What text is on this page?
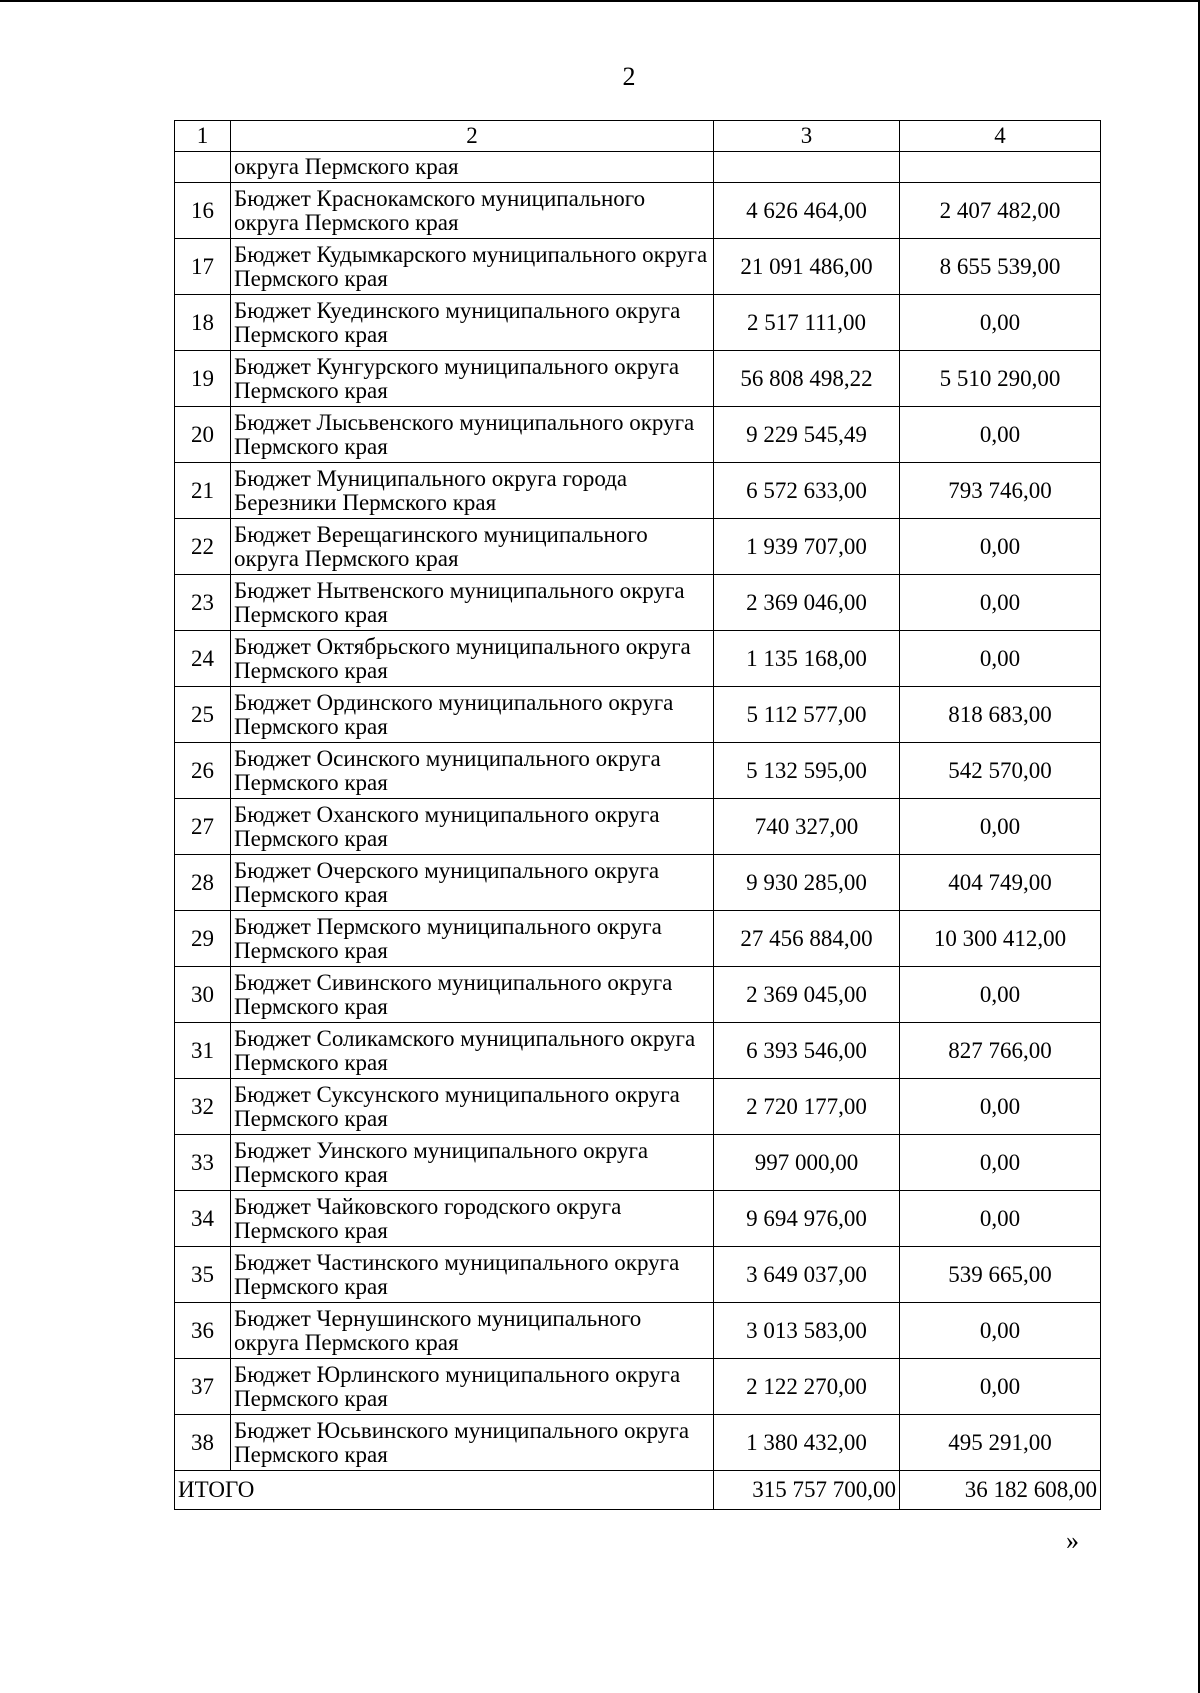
2
1	2	3	4
	округа Пермского края		
16	Бюджет Краснокамского муниципального округа Пермского края	4 626 464,00	2 407 482,00
17	Бюджет Кудымкарского муниципального округа Пермского края	21 091 486,00	8 655 539,00
18	Бюджет Куединского муниципального округа Пермского края	2 517 111,00	0,00
19	Бюджет Кунгурского муниципального округа Пермского края	56 808 498,22	5 510 290,00
20	Бюджет Лысьвенского муниципального округа Пермского края	9 229 545,49	0,00
21	Бюджет Муниципального округа города Березники Пермского края	6 572 633,00	793 746,00
22	Бюджет Верещагинского муниципального округа Пермского края	1 939 707,00	0,00
23	Бюджет Нытвенского муниципального округа Пермского края	2 369 046,00	0,00
24	Бюджет Октябрьского муниципального округа Пермского края	1 135 168,00	0,00
25	Бюджет Ординского муниципального округа Пермского края	5 112 577,00	818 683,00
26	Бюджет Осинского муниципального округа Пермского края	5 132 595,00	542 570,00
27	Бюджет Оханского муниципального округа Пермского края	740 327,00	0,00
28	Бюджет Очерского муниципального округа Пермского края	9 930 285,00	404 749,00
29	Бюджет Пермского муниципального округа Пермского края	27 456 884,00	10 300 412,00
30	Бюджет Сивинского муниципального округа Пермского края	2 369 045,00	0,00
31	Бюджет Соликамского муниципального округа Пермского края	6 393 546,00	827 766,00
32	Бюджет Суксунского муниципального округа Пермского края	2 720 177,00	0,00
33	Бюджет Уинского муниципального округа Пермского края	997 000,00	0,00
34	Бюджет Чайковского городского округа Пермского края	9 694 976,00	0,00
35	Бюджет Частинского муниципального округа Пермского края	3 649 037,00	539 665,00
36	Бюджет Чернушинского муниципального округа Пермского края	3 013 583,00	0,00
37	Бюджет Юрлинского муниципального округа Пермского края	2 122 270,00	0,00
38	Бюджет Юсьвинского муниципального округа Пермского края	1 380 432,00	495 291,00
ИТОГО		315 757 700,00	36 182 608,00
»
